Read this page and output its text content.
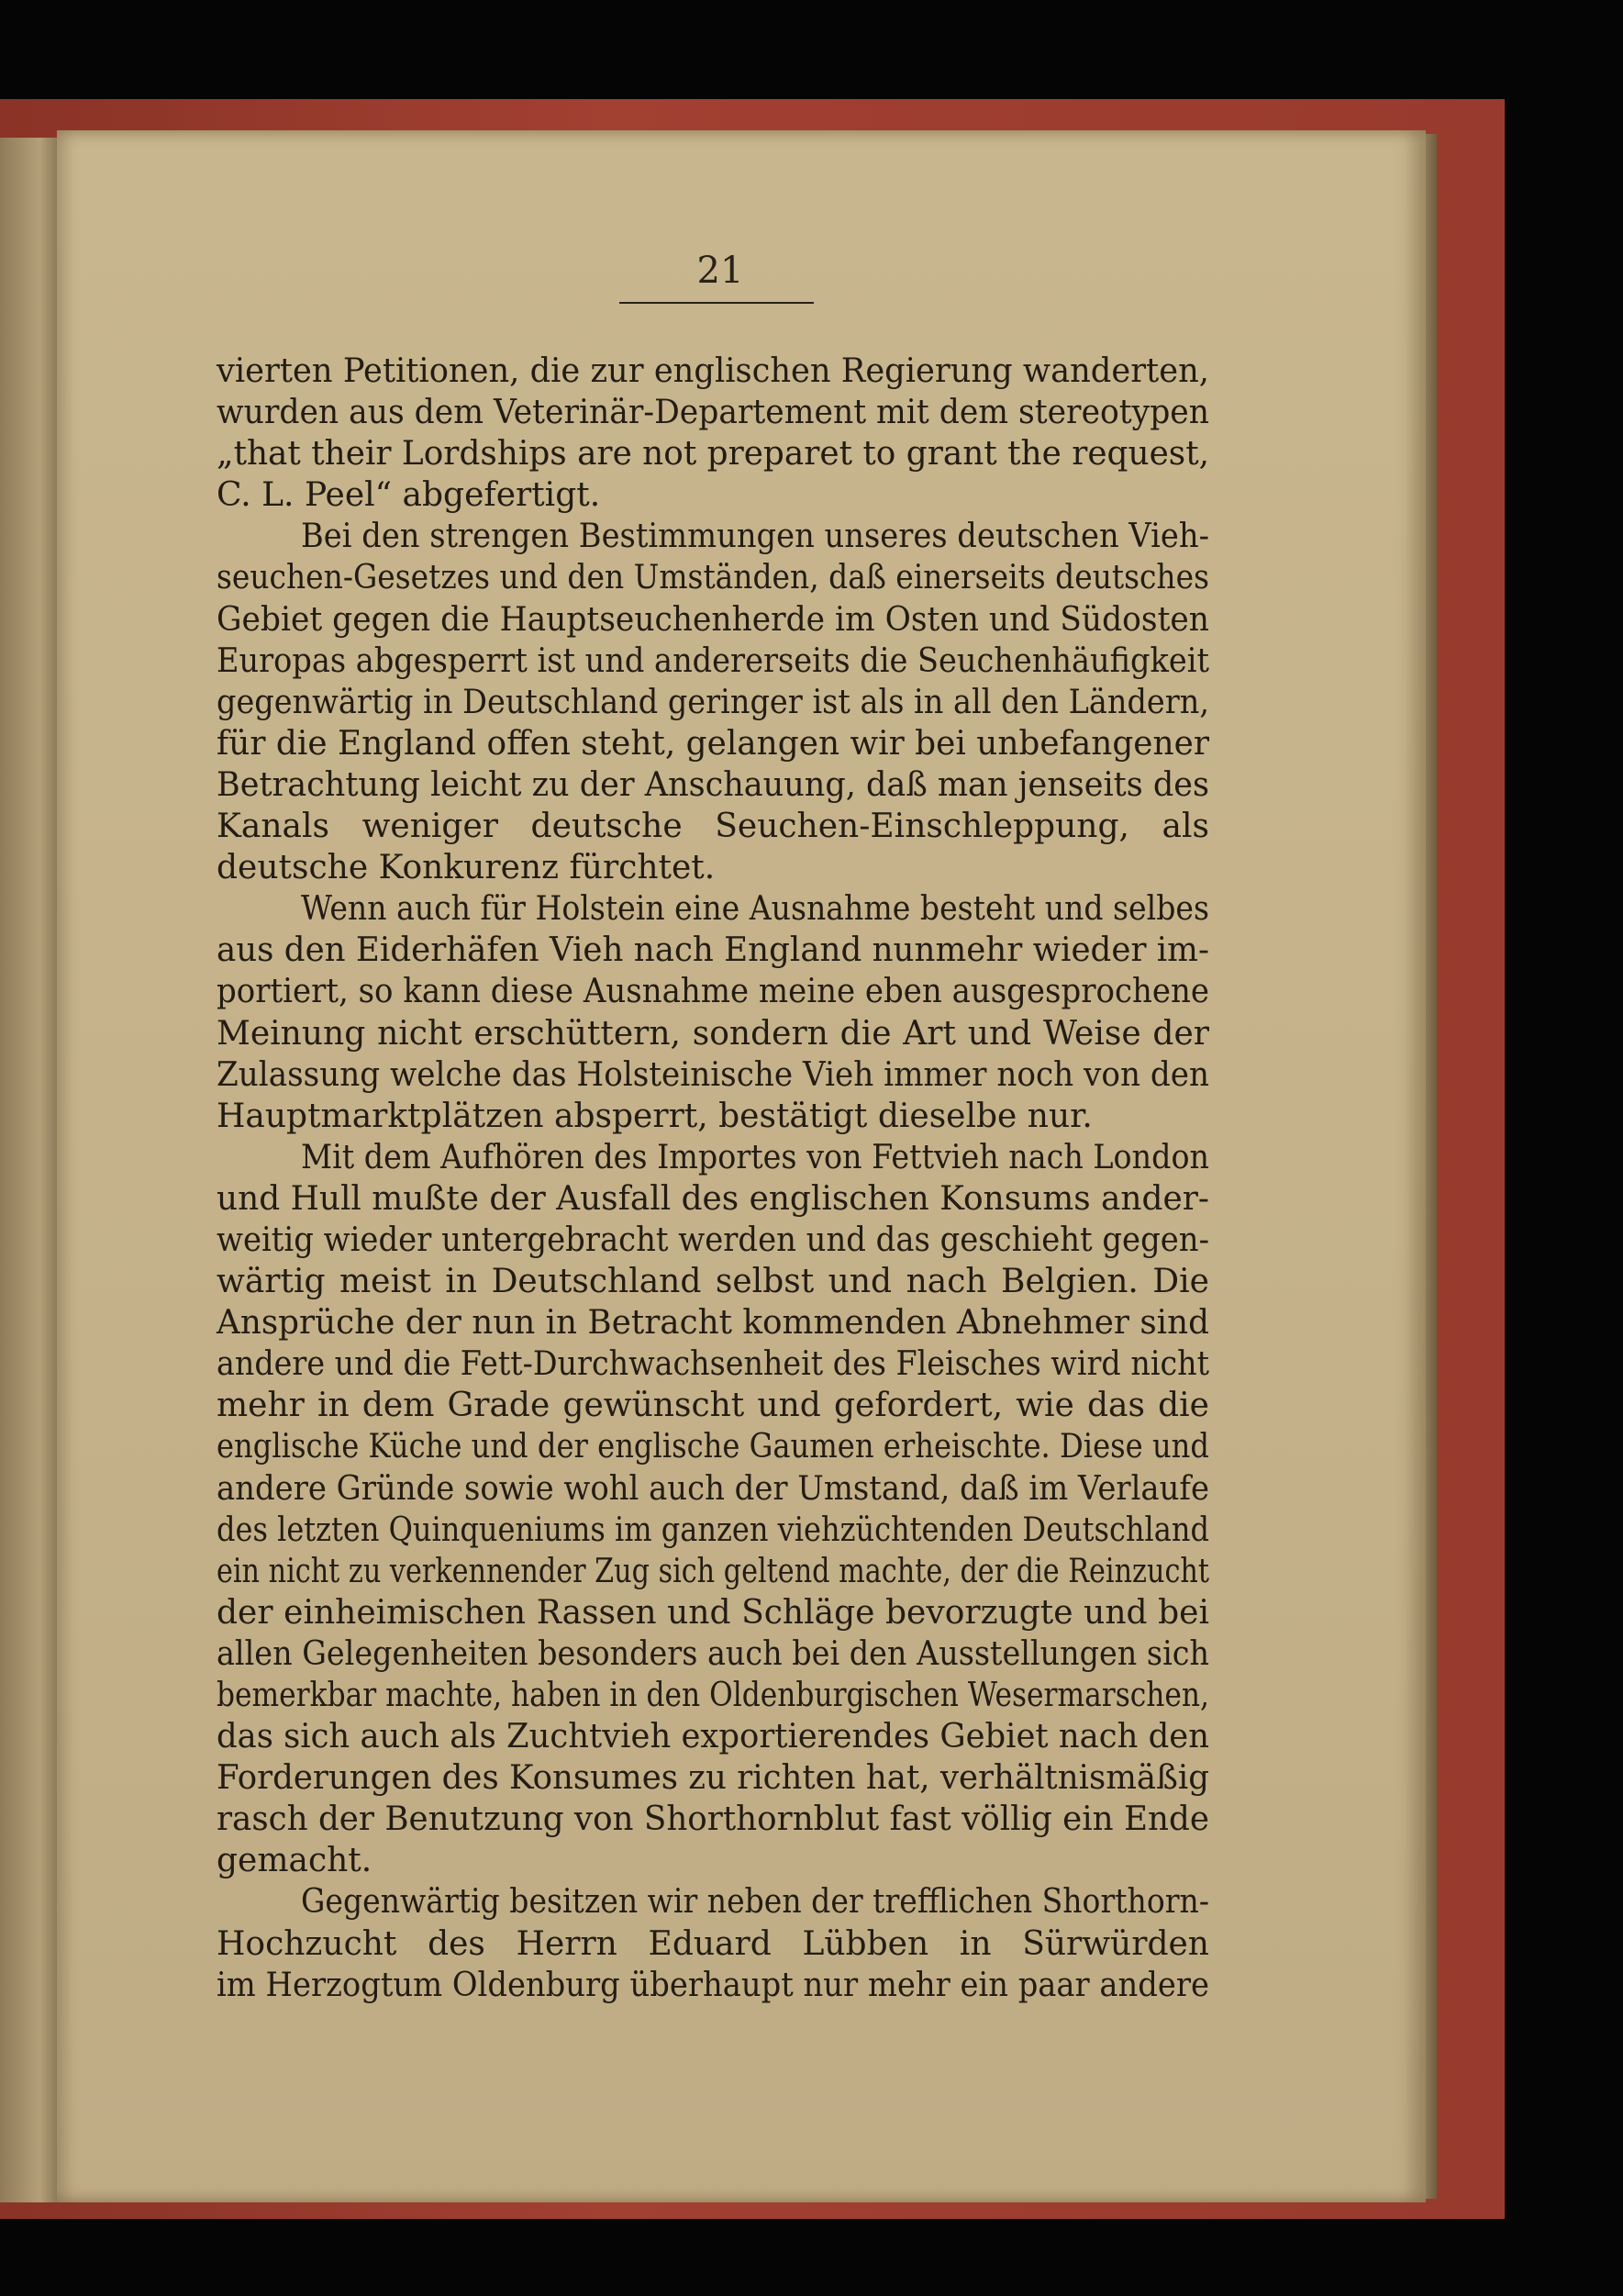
21
vierten Petitionen, die zur englischen Regierung wanderten,
wurden aus dem Veterinär-Departement mit dem stereotypen
„that their Lordships are not preparet to grant the request,
C. L. Peel“ abgefertigt.
Bei den strengen Bestimmungen unseres deutschen Vieh-
seuchen-Gesetzes und den Umständen, daß einerseits deutsches
Gebiet gegen die Hauptseuchenherde im Osten und Südosten
Europas abgesperrt ist und andererseits die Seuchenhäufigkeit
gegenwärtig in Deutschland geringer ist als in all den Ländern,
für die England offen steht, gelangen wir bei unbefangener
Betrachtung leicht zu der Anschauung, daß man jenseits des
Kanals weniger deutsche Seuchen-Einschleppung, als
deutsche Konkurenz fürchtet.
Wenn auch für Holstein eine Ausnahme besteht und selbes
aus den Eiderhäfen Vieh nach England nunmehr wieder im-
portiert, so kann diese Ausnahme meine eben ausgesprochene
Meinung nicht erschüttern, sondern die Art und Weise der
Zulassung welche das Holsteinische Vieh immer noch von den
Hauptmarktplätzen absperrt, bestätigt dieselbe nur.
Mit dem Aufhören des Importes von Fettvieh nach London
und Hull mußte der Ausfall des englischen Konsums ander-
weitig wieder untergebracht werden und das geschieht gegen-
wärtig meist in Deutschland selbst und nach Belgien. Die
Ansprüche der nun in Betracht kommenden Abnehmer sind
andere und die Fett-Durchwachsenheit des Fleisches wird nicht
mehr in dem Grade gewünscht und gefordert, wie das die
englische Küche und der englische Gaumen erheischte. Diese und
andere Gründe sowie wohl auch der Umstand, daß im Verlaufe
des letzten Quinqueniums im ganzen viehzüchtenden Deutschland
ein nicht zu verkennender Zug sich geltend machte, der die Reinzucht
der einheimischen Rassen und Schläge bevorzugte und bei
allen Gelegenheiten besonders auch bei den Ausstellungen sich
bemerkbar machte, haben in den Oldenburgischen Wesermarschen,
das sich auch als Zuchtvieh exportierendes Gebiet nach den
Forderungen des Konsumes zu richten hat, verhältnismäßig
rasch der Benutzung von Shorthornblut fast völlig ein Ende
gemacht.
Gegenwärtig besitzen wir neben der trefflichen Shorthorn-
Hochzucht des Herrn Eduard Lübben in Sürwürden
im Herzogtum Oldenburg überhaupt nur mehr ein paar andere
